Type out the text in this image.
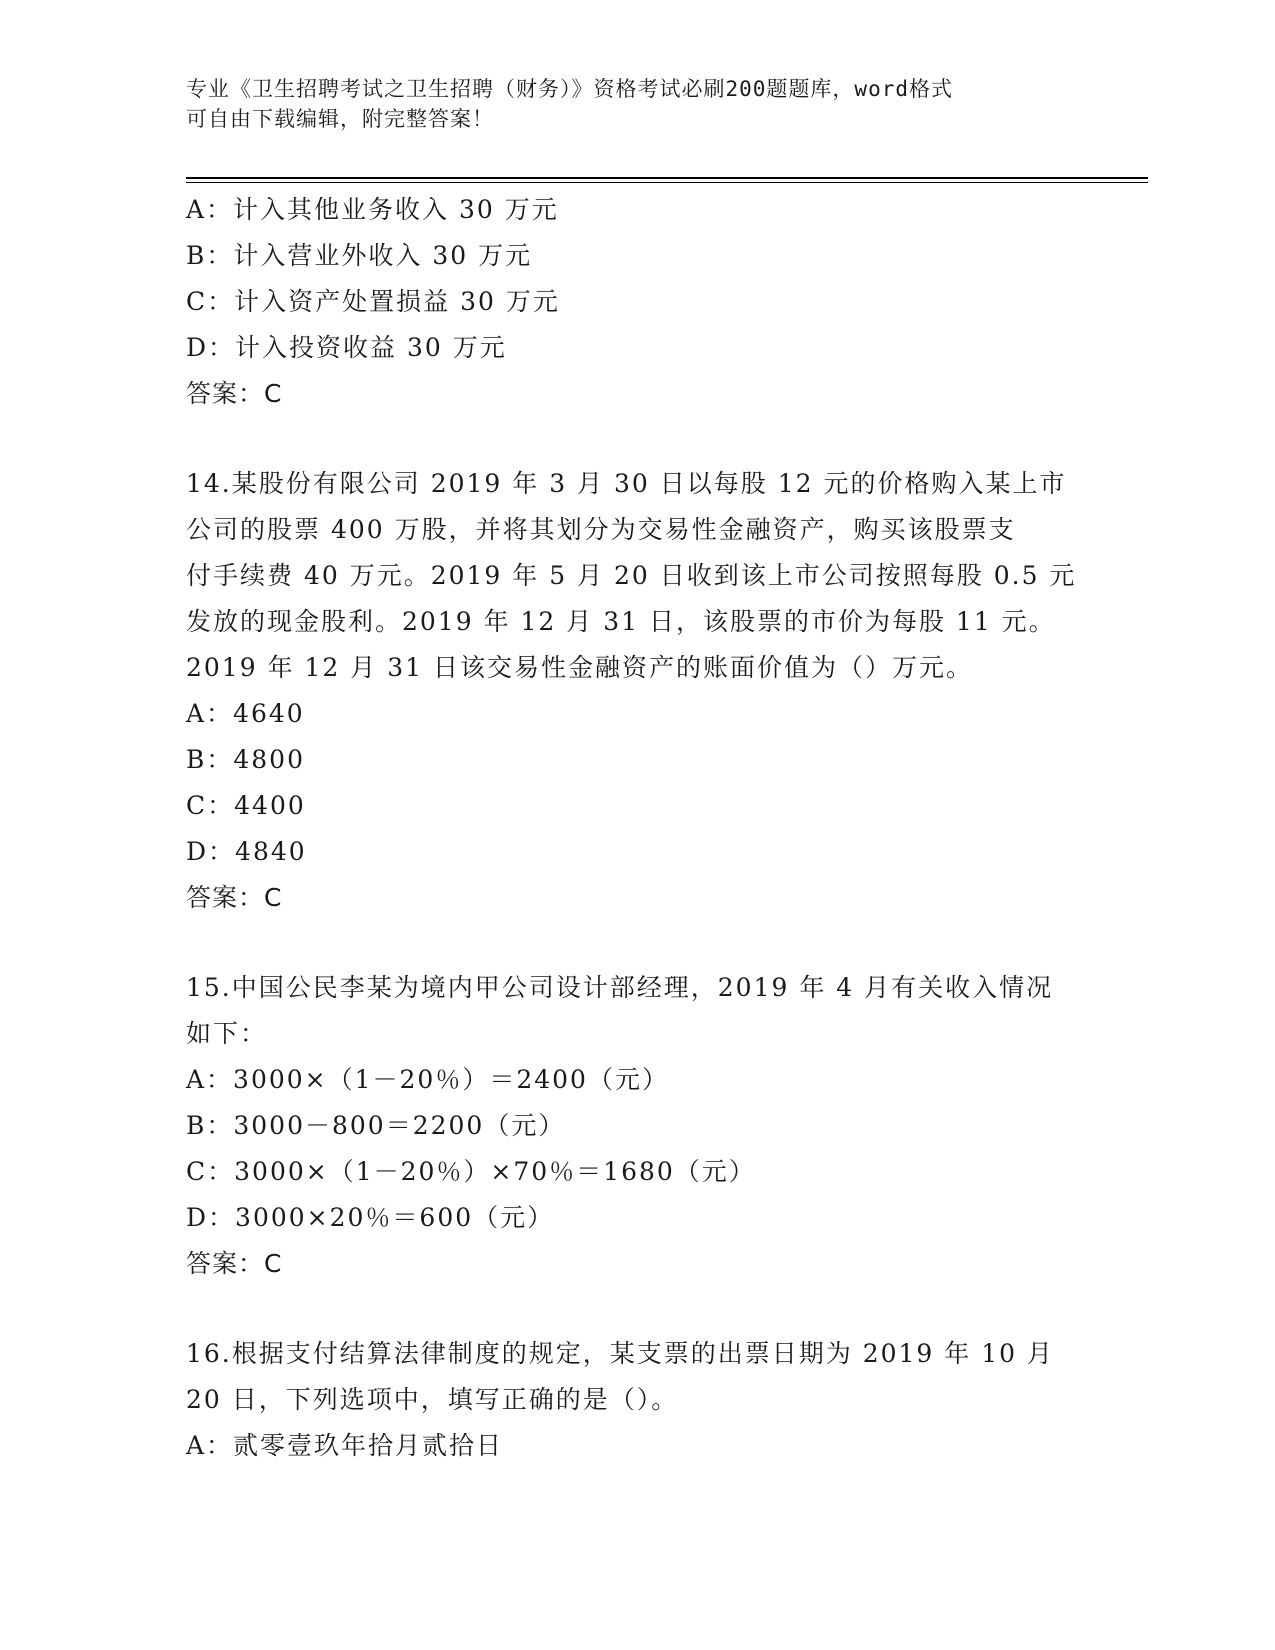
专业《卫生招聘考试之卫生招聘（财务）》资格考试必刷200题题库，word格式
可自由下载编辑，附完整答案！
A：计入其他业务收入 30 万元
B：计入营业外收入 30 万元
C：计入资产处置损益 30 万元
D：计入投资收益 30 万元
答案：C
14.某股份有限公司 2019 年 3 月 30 日以每股 12 元的价格购入某上市
公司的股票 400 万股，并将其划分为交易性金融资产，购买该股票支
付手续费 40 万元。2019 年 5 月 20 日收到该上市公司按照每股 0.5 元
发放的现金股利。2019 年 12 月 31 日，该股票的市价为每股 11 元。
2019 年 12 月 31 日该交易性金融资产的账面价值为（）万元。
A：4640
B：4800
C：4400
D：4840
答案：C
15.中国公民李某为境内甲公司设计部经理，2019 年 4 月有关收入情况
如下：
A：3000×（1－20％）＝2400（元）
B：3000－800＝2200（元）
C：3000×（1－20％）×70％＝1680（元）
D：3000×20％＝600（元）
答案：C
16.根据支付结算法律制度的规定，某支票的出票日期为 2019 年 10 月
20 日，下列选项中，填写正确的是（）。
A：贰零壹玖年拾月贰拾日
